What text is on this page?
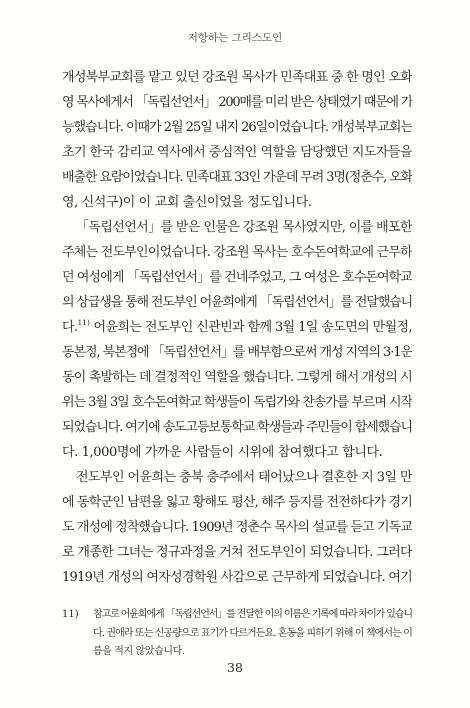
저항하는 그리스도인
개성북부교회를 맡고 있던 강조원 목사가 민족대표 중 한 명인 오화
영 목사에게서 「독립선언서」 200매를 미리 받은 상태였기 때문에 가
능했습니다. 이때가 2월 25일 내지 26일이었습니다. 개성북부교회는
초기 한국 감리교 역사에서 중심적인 역할을 담당했던 지도자들을
배출한 요람이었습니다. 민족대표 33인 가운데 무려 3명(정춘수, 오화
영, 신석구)이 이 교회 출신이었을 정도입니다.
「독립선언서」를 받은 인물은 강조원 목사였지만, 이를 배포한
주체는 전도부인이었습니다. 강조원 목사는 호수돈여학교에 근무하
던 여성에게 「독립선언서」를 건네주었고, 그 여성은 호수돈여학교
의 상급생을 통해 전도부인 어윤희에게 「독립선언서」를 전달했습니
다.$^{11)}$ 어윤희는 전도부인 신관빈과 함께 3월 1일 송도면의 만월정,
동본정, 북본정에 「독립선언서」를 배부함으로써 개성 지역의 3·1운
동이 촉발하는 데 결정적인 역할을 했습니다. 그렇게 해서 개성의 시
위는 3월 3일 호수돈여학교 학생들이 독립가와 찬송가를 부르며 시작
되었습니다. 여기에 송도고등보통학교 학생들과 주민들이 합세했습니
다. 1,000명에 가까운 사람들이 시위에 참여했다고 합니다.
전도부인 어윤희는 충북 충주에서 태어났으나 결혼한 지 3일 만
에 동학군인 남편을 잃고 황해도 평산, 해주 등지를 전전하다가 경기
도 개성에 정착했습니다. 1909년 정춘수 목사의 설교를 듣고 기독교
로 개종한 그녀는 정규과정을 거쳐 전도부인이 되었습니다. 그러다
1919년 개성의 여자성경학원 사감으로 근무하게 되었습니다. 여기
11) 참고로 어윤희에게 「독립선언서」를 전달한 이의 이름은 기록에 따라 차이가 있습니
다. 권애라 또는 신공량으로 표기가 다르거든요. 혼동을 피하기 위해 이 책에서는 이
름을 적지 않았습니다.
38
